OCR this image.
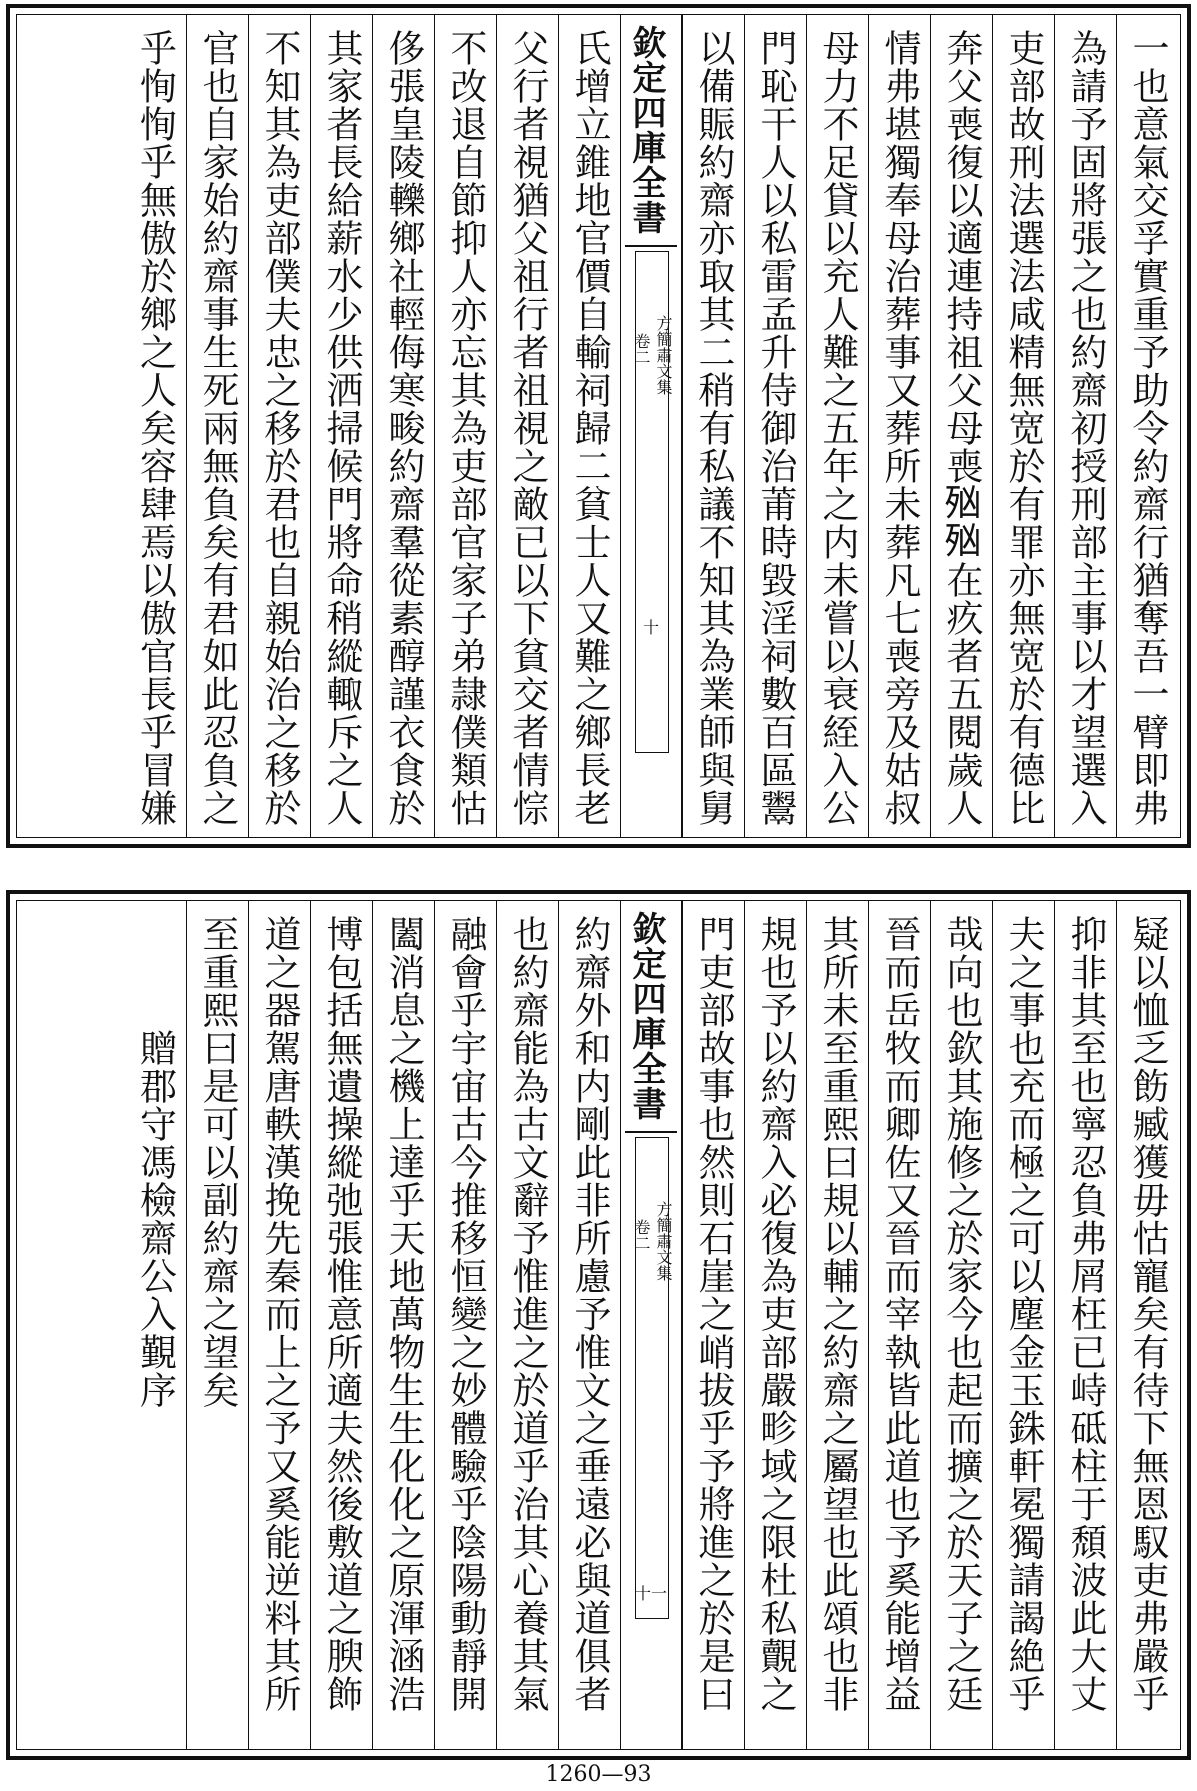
乎恂恂乎無傲於鄉之人矣容肆焉以傲官長乎冒嫌 官也自家始約齋事生死兩無負矣有君如此忍負之 不知其為吏部僕夫忠之移於君也自親始治之移於 其家者長給薪水少供洒掃候門將命稍縱輙斥之人 侈張皇陵轢鄉社輕侮寒畯約齋羣從素醇謹衣食於 不改退自節抑人亦忘其為吏部官家子弟隷僕類怙 父行者視猶父祖行者祖視之敵已以下貧交者情悰 氏增立錐地官價自輸祠歸二貧士人又難之鄉長老 欽定四庫全書
方簡肅文集
卷二
十 以備賑約齋亦取其二稍有私議不知其為業師與舅 門恥干人以私雷孟升侍御治莆時毀淫祠數百區鬻 母力不足貸以充人難之五年之内未嘗以衰絰入公 情弗堪獨奉母治葬事又葬所未葬凡七喪旁及姑叔 奔父喪復以適連持祖父母喪𣧑𣧑在疚者五閱歲人 吏部故刑法選法咸精無宽於有罪亦無宽於有德比 為請予固將張之也約齋初授刑部主事以才望選入 一也意氣交孚實重予助令約齋行猶奪吾一臂即弗
贈郡守馮檢齋公入覲序 至重熙曰是可以副約齋之望矣 道之器駕唐軼漢挽先秦而上之予又奚能逆料其所 博包括無遺操縱弛張惟意所適夫然後敷道之腴飾 闔消息之機上達乎天地萬物生生化化之原渾涵浩 融會乎宇宙古今推移恒變之妙體驗乎陰陽動靜開 也約齋能為古文辭予惟進之於道乎治其心養其氣 約齋外和内剛此非所慮予惟文之垂遠必與道俱者 欽定四庫全書
方簡肅文集
卷二
十一 門吏部故事也然則石崖之峭拔乎予將進之於是曰 規也予以約齋入必復為吏部嚴畛域之限杜私覿之 其所未至重熙曰規以輔之約齋之屬望也此頌也非 晉而岳牧而卿佐又晉而宰執皆此道也予奚能增益 哉向也欽其施修之於家今也起而擴之於天子之廷 夫之事也充而極之可以塵金玉銖軒冕獨請謁絶乎 抑非其至也寧忍負弗屑枉已峙砥柱于頹波此大丈 疑以恤乏飭臧獲毋怙寵矣有待下無恩馭吏弗嚴乎
1260—93
